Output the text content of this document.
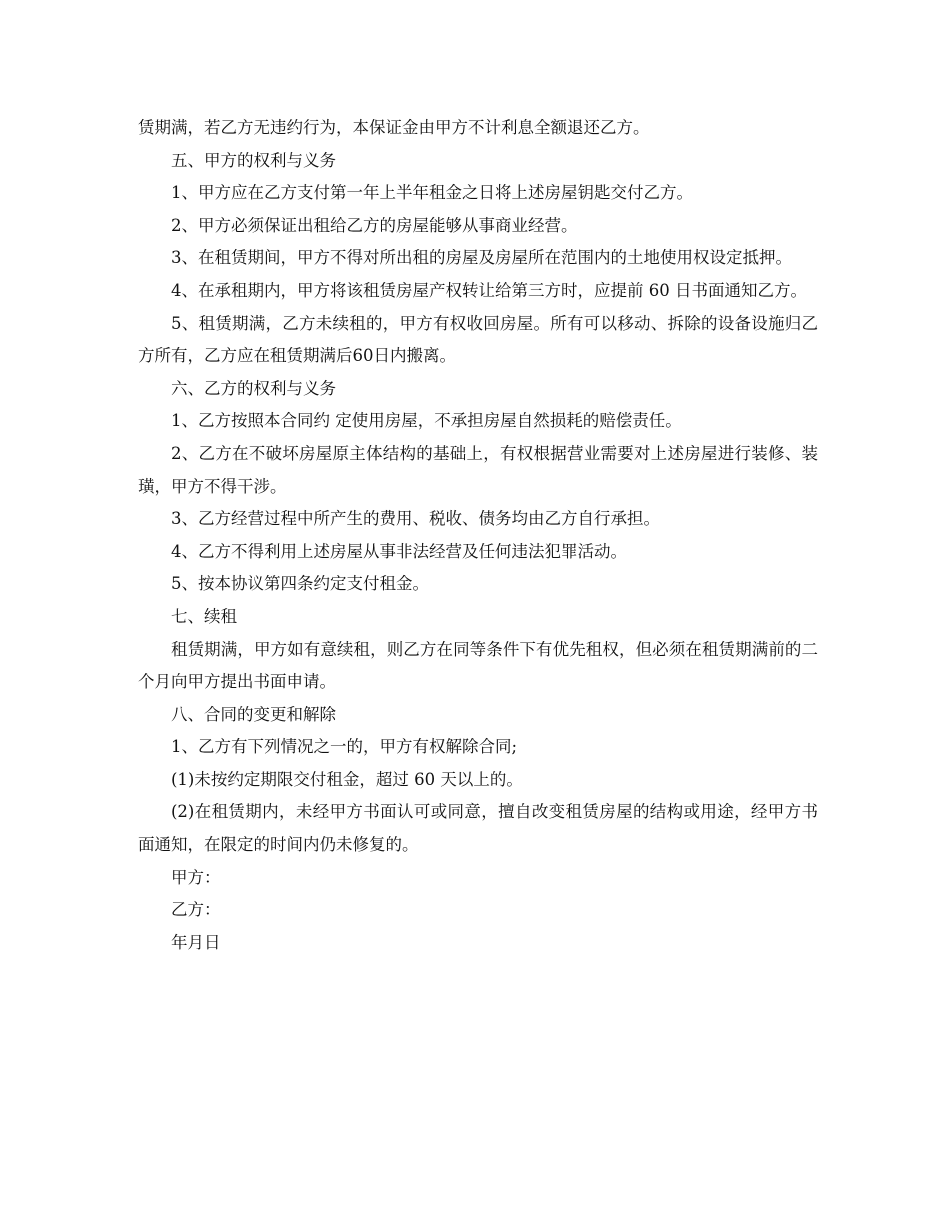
赁期满，若乙方无违约行为，本保证金由甲方不计利息全额退还乙方。

五、甲方的权利与义务

1、甲方应在乙方支付第一年上半年租金之日将上述房屋钥匙交付乙方。

2、甲方必须保证出租给乙方的房屋能够从事商业经营。

3、在租赁期间，甲方不得对所出租的房屋及房屋所在范围内的土地使用权设定抵押。

4、在承租期内，甲方将该租赁房屋产权转让给第三方时，应提前 60 日书面通知乙方。

5、租赁期满，乙方未续租的，甲方有权收回房屋。所有可以移动、拆除的设备设施归乙方所有，乙方应在租赁期满后60日内搬离。

六、乙方的权利与义务

1、乙方按照本合同约 定使用房屋，不承担房屋自然损耗的赔偿责任。

2、乙方在不破坏房屋原主体结构的基础上，有权根据营业需要对上述房屋进行装修、装璜，甲方不得干涉。

3、乙方经营过程中所产生的费用、税收、债务均由乙方自行承担。

4、乙方不得利用上述房屋从事非法经营及任何违法犯罪活动。

5、按本协议第四条约定支付租金。

七、续租

租赁期满，甲方如有意续租，则乙方在同等条件下有优先租权，但必须在租赁期满前的二个月向甲方提出书面申请。

八、合同的变更和解除

1、乙方有下列情况之一的，甲方有权解除合同;

(1)未按约定期限交付租金，超过 60 天以上的。

(2)在租赁期内，未经甲方书面认可或同意，擅自改变租赁房屋的结构或用途，经甲方书面通知，在限定的时间内仍未修复的。

甲方：

乙方：

年月日
